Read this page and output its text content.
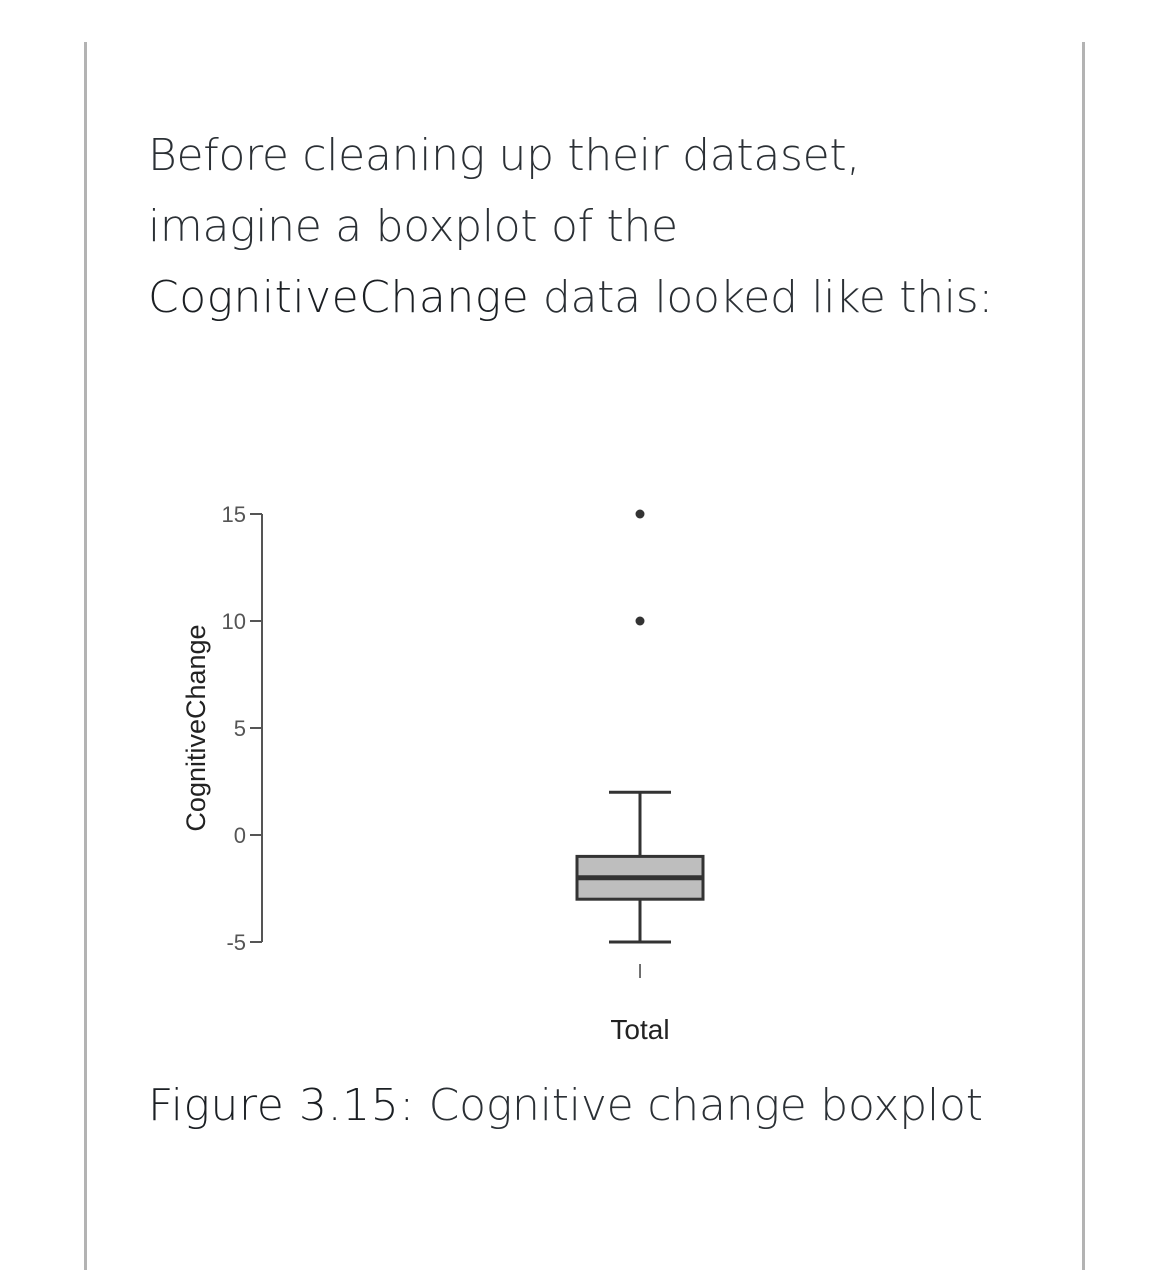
Before cleaning up their dataset, imagine a boxplot of the CognitiveChange data looked like this:

-5
0
5
10
15
CognitiveChange
I
Total

Figure 3.15: Cognitive change boxplot
